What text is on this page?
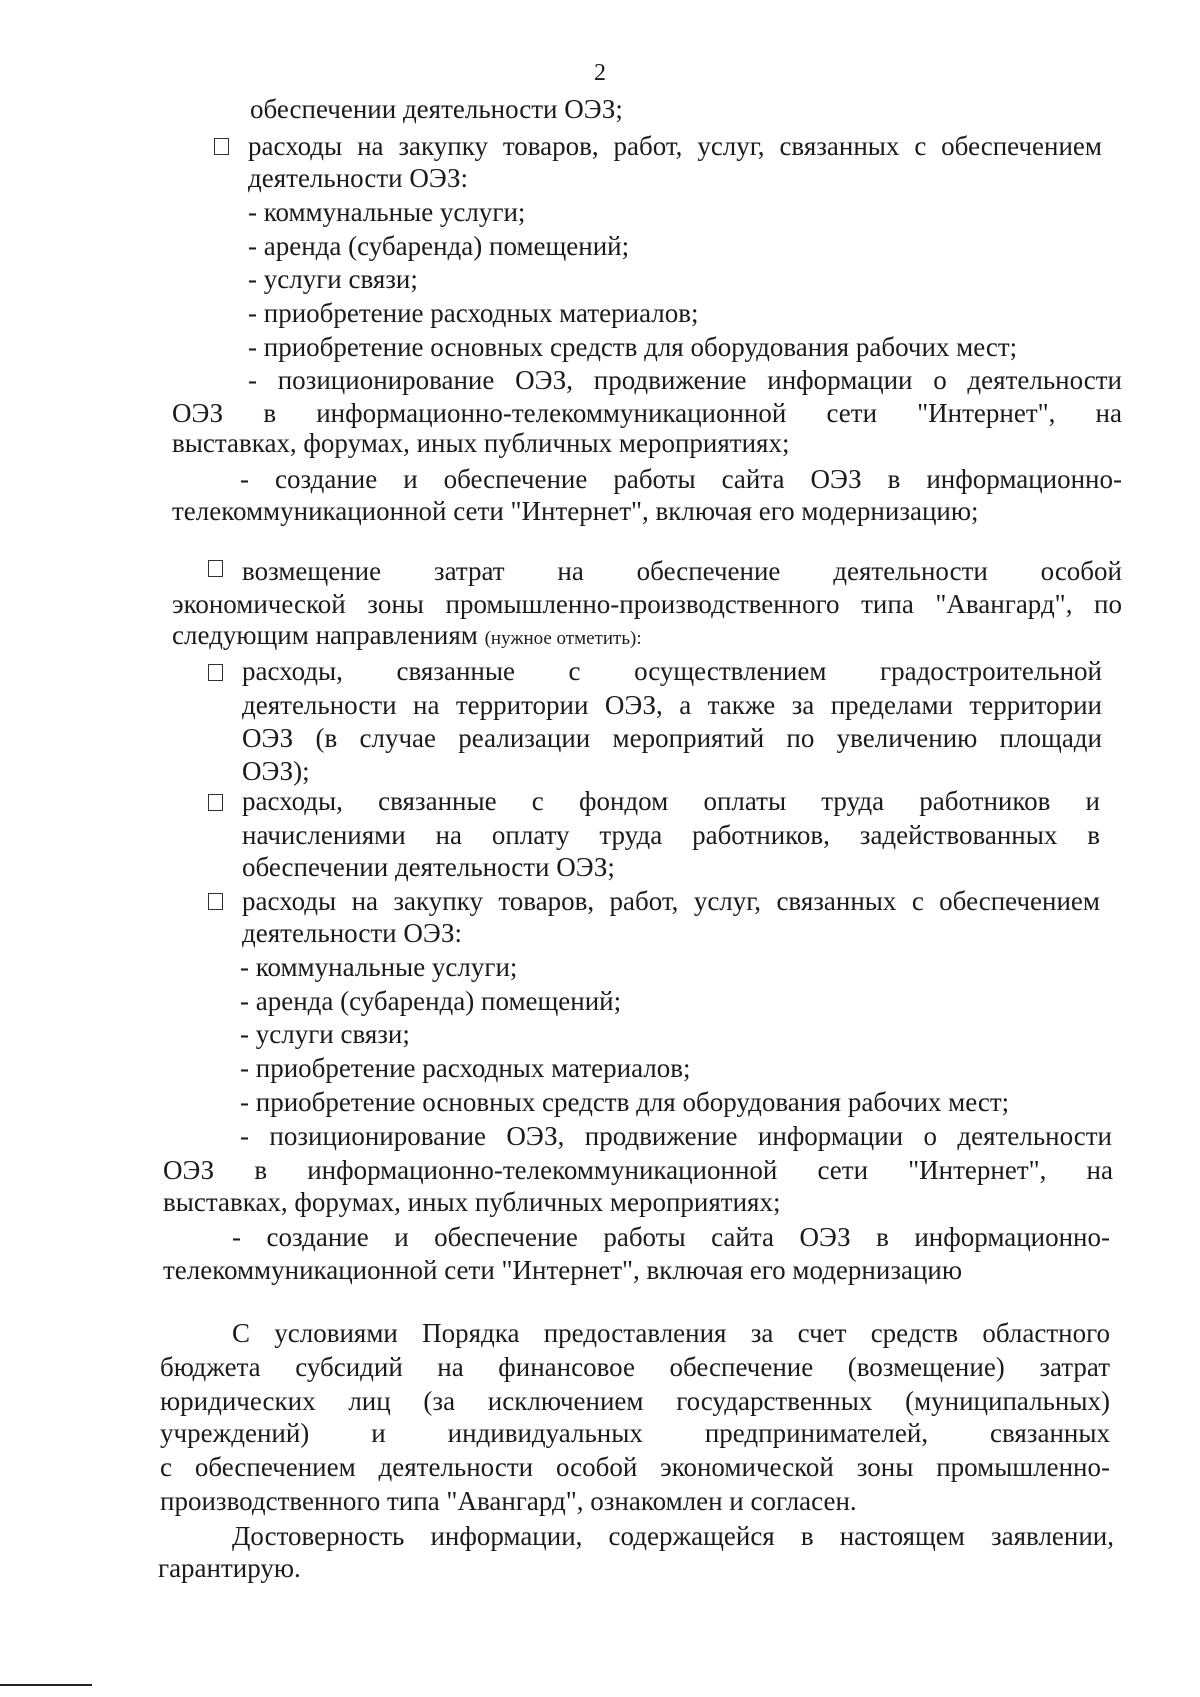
2
обеспечении деятельности ОЭЗ;
расходы на закупку товаров, работ, услуг, связанных с обеспечением
деятельности ОЭЗ:
- коммунальные услуги;
- аренда (субаренда) помещений;
- услуги связи;
- приобретение расходных материалов;
- приобретение основных средств для оборудования рабочих мест;
- позиционирование ОЭЗ, продвижение информации о деятельности
ОЭЗ в информационно-телекоммуникационной сети "Интернет", на
выставках, форумах, иных публичных мероприятиях;
- создание и обеспечение работы сайта ОЭЗ в информационно-
телекоммуникационной сети "Интернет", включая его модернизацию;
возмещение затрат на обеспечение деятельности особой
экономической зоны промышленно-производственного типа "Авангард", по
следующим направлениям (нужное отметить):
расходы, связанные с осуществлением градостроительной
деятельности на территории ОЭЗ, а также за пределами территории
ОЭЗ (в случае реализации мероприятий по увеличению площади
ОЭЗ);
расходы, связанные с фондом оплаты труда работников и
начислениями на оплату труда работников, задействованных в
обеспечении деятельности ОЭЗ;
расходы на закупку товаров, работ, услуг, связанных с обеспечением
деятельности ОЭЗ:
- коммунальные услуги;
- аренда (субаренда) помещений;
- услуги связи;
- приобретение расходных материалов;
- приобретение основных средств для оборудования рабочих мест;
- позиционирование ОЭЗ, продвижение информации о деятельности
ОЭЗ в информационно-телекоммуникационной сети "Интернет", на
выставках, форумах, иных публичных мероприятиях;
- создание и обеспечение работы сайта ОЭЗ в информационно-
телекоммуникационной сети "Интернет", включая его модернизацию
С условиями Порядка предоставления за счет средств областного
бюджета субсидий на финансовое обеспечение (возмещение) затрат
юридических лиц (за исключением государственных (муниципальных)
учреждений) и индивидуальных предпринимателей, связанных
с обеспечением деятельности особой экономической зоны промышленно-
производственного типа "Авангард", ознакомлен и согласен.
Достоверность информации, содержащейся в настоящем заявлении,
гарантирую.
